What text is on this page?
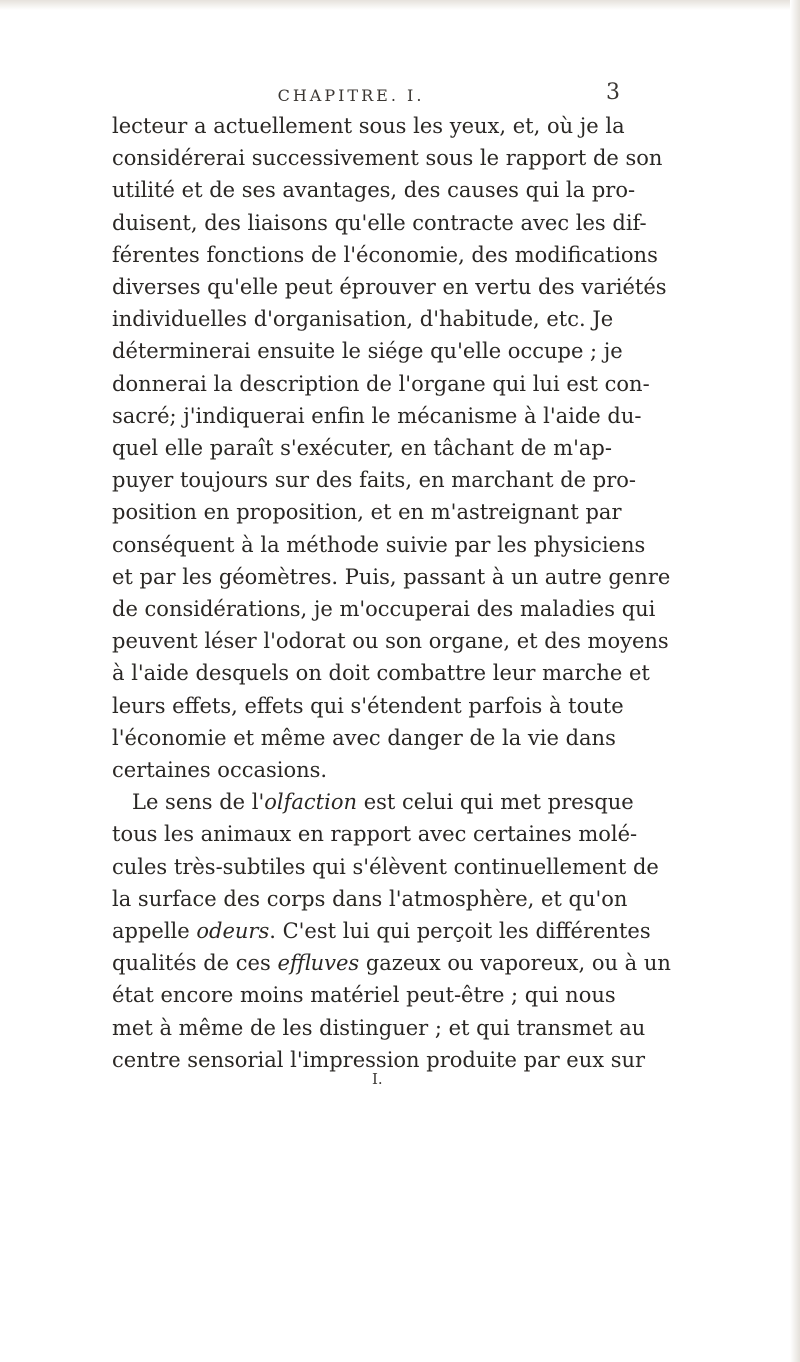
CHAPITRE. I.	3
lecteur a actuellement sous les yeux, et, où je la
considérerai successivement sous le rapport de son
utilité et de ses avantages, des causes qui la pro-
duisent, des liaisons qu'elle contracte avec les dif-
férentes fonctions de l'économie, des modifications
diverses qu'elle peut éprouver en vertu des variétés
individuelles d'organisation, d'habitude, etc. Je
déterminerai ensuite le siége qu'elle occupe ; je
donnerai la description de l'organe qui lui est con-
sacré; j'indiquerai enfin le mécanisme à l'aide du-
quel elle paraît s'exécuter, en tâchant de m'ap-
puyer toujours sur des faits, en marchant de pro-
position en proposition, et en m'astreignant par
conséquent à la méthode suivie par les physiciens
et par les géomètres. Puis, passant à un autre genre
de considérations, je m'occuperai des maladies qui
peuvent léser l'odorat ou son organe, et des moyens
à l'aide desquels on doit combattre leur marche et
leurs effets, effets qui s'étendent parfois à toute
l'économie et même avec danger de la vie dans
certaines occasions.
Le sens de l'olfaction est celui qui met presque
tous les animaux en rapport avec certaines molé-
cules très-subtiles qui s'élèvent continuellement de
la surface des corps dans l'atmosphère, et qu'on
appelle odeurs. C'est lui qui perçoit les différentes
qualités de ces effluves gazeux ou vaporeux, ou à un
état encore moins matériel peut-être ; qui nous
met à même de les distinguer ; et qui transmet au
centre sensorial l'impression produite par eux sur
I.
